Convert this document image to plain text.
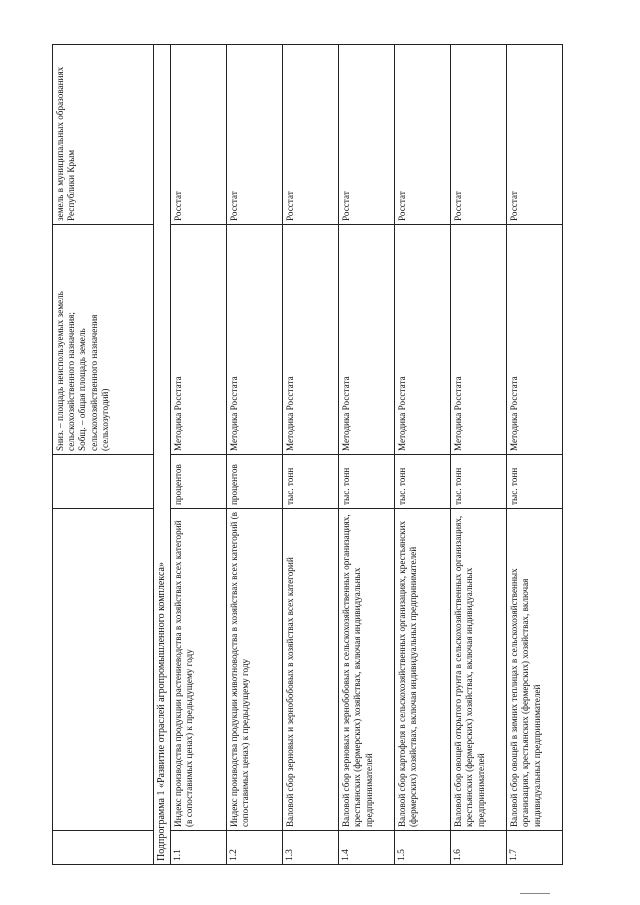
			Sниз. – площадь неиспользуемых земель сельскохозяйственного назначения; Sобщ. – общая площадь земель сельскохозяйственного назначения (сельхозугодий)	земель в муниципальных образованиях Республики Крым
Подпрограмма 1 «Развитие отраслей агропромышленного комплекса»				
1.1	Индекс производства продукции растениеводства в хозяйствах всех категорий (в сопоставимых ценах) к предыдущему году	процентов	Методика Росстата	Росстат
1.2	Индекс производства продукции животноводства в хозяйствах всех категорий (в сопоставимых ценах) к предыдущему году	процентов	Методика Росстата	Росстат
1.3	Валовой сбор зерновых и зернобобовых в хозяйствах всех категорий	тыс. тонн	Методика Росстата	Росстат
1.4	Валовой сбор зерновых и зернобобовых в сельскохозяйственных организациях, крестьянских (фермерских) хозяйствах, включая индивидуальных предпринимателей	тыс. тонн	Методика Росстата	Росстат
1.5	Валовой сбор картофеля в сельскохозяйственных организациях, крестьянских (фермерских) хозяйствах, включая индивидуальных предпринимателей	тыс. тонн	Методика Росстата	Росстат
1.6	Валовой сбор овощей открытого грунта в сельскохозяйственных организациях, крестьянских (фермерских) хозяйствах, включая индивидуальных предпринимателей	тыс. тонн	Методика Росстата	Росстат
1.7	Валовой сбор овощей в зимних теплицах в сельскохозяйственных организациях, крестьянских (фермерских) хозяйствах, включая индивидуальных предпринимателей	тыс. тонн	Методика Росстата	Росстат
